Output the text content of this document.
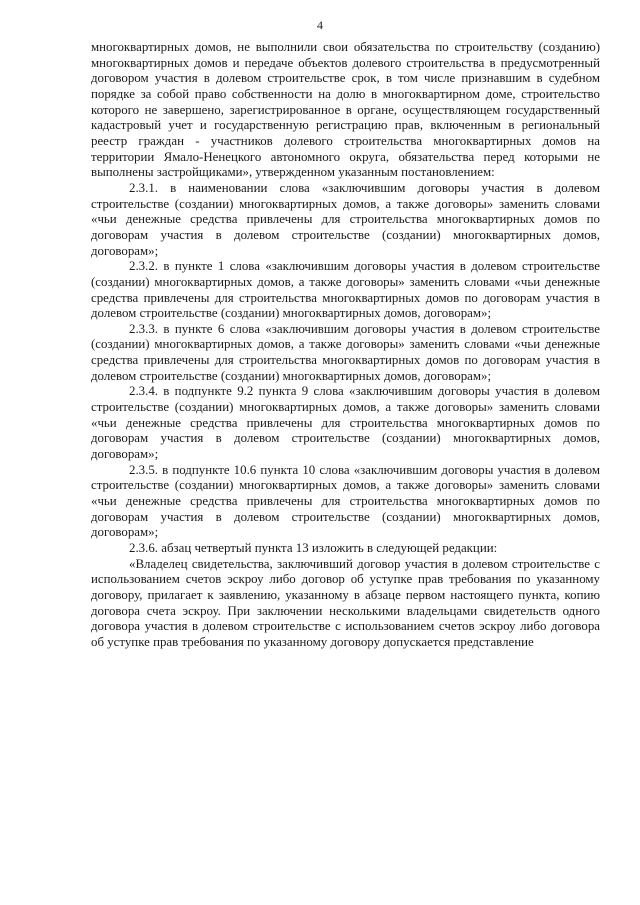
4

многоквартирных домов, не выполнили свои обязательства по строительству (созданию) многоквартирных домов и передаче объектов долевого строительства в предусмотренный договором участия в долевом строительстве срок, в том числе признавшим в судебном порядке за собой право собственности на долю в многоквартирном доме, строительство которого не завершено, зарегистрированное в органе, осуществляющем государственный кадастровый учет и государственную регистрацию прав, включенным в региональный реестр граждан - участников долевого строительства многоквартирных домов на территории Ямало-Ненецкого автономного округа, обязательства перед которыми не выполнены застройщиками», утвержденном указанным постановлением:

2.3.1. в наименовании слова «заключившим договоры участия в долевом строительстве (создании) многоквартирных домов, а также договоры» заменить словами «чьи денежные средства привлечены для строительства многоквартирных домов по договорам участия в долевом строительстве (создании) многоквартирных домов, договорам»;

2.3.2. в пункте 1 слова «заключившим договоры участия в долевом строительстве (создании) многоквартирных домов, а также договоры» заменить словами «чьи денежные средства привлечены для строительства многоквартирных домов по договорам участия в долевом строительстве (создании) многоквартирных домов, договорам»;

2.3.3. в пункте 6 слова «заключившим договоры участия в долевом строительстве (создании) многоквартирных домов, а также договоры» заменить словами «чьи денежные средства привлечены для строительства многоквартирных домов по договорам участия в долевом строительстве (создании) многоквартирных домов, договорам»;

2.3.4. в подпункте 9.2 пункта 9 слова «заключившим договоры участия в долевом строительстве (создании) многоквартирных домов, а также договоры» заменить словами «чьи денежные средства привлечены для строительства многоквартирных домов по договорам участия в долевом строительстве (создании) многоквартирных домов, договорам»;

2.3.5. в подпункте 10.6 пункта 10 слова «заключившим договоры участия в долевом строительстве (создании) многоквартирных домов, а также договоры» заменить словами «чьи денежные средства привлечены для строительства многоквартирных домов по договорам участия в долевом строительстве (создании) многоквартирных домов, договорам»;

2.3.6. абзац четвертый пункта 13 изложить в следующей редакции:

«Владелец свидетельства, заключивший договор участия в долевом строительстве с использованием счетов эскроу либо договор об уступке прав требования по указанному договору, прилагает к заявлению, указанному в абзаце первом настоящего пункта, копию договора счета эскроу. При заключении несколькими владельцами свидетельств одного договора участия в долевом строительстве с использованием счетов эскроу либо договора об уступке прав требования по указанному договору допускается представление
